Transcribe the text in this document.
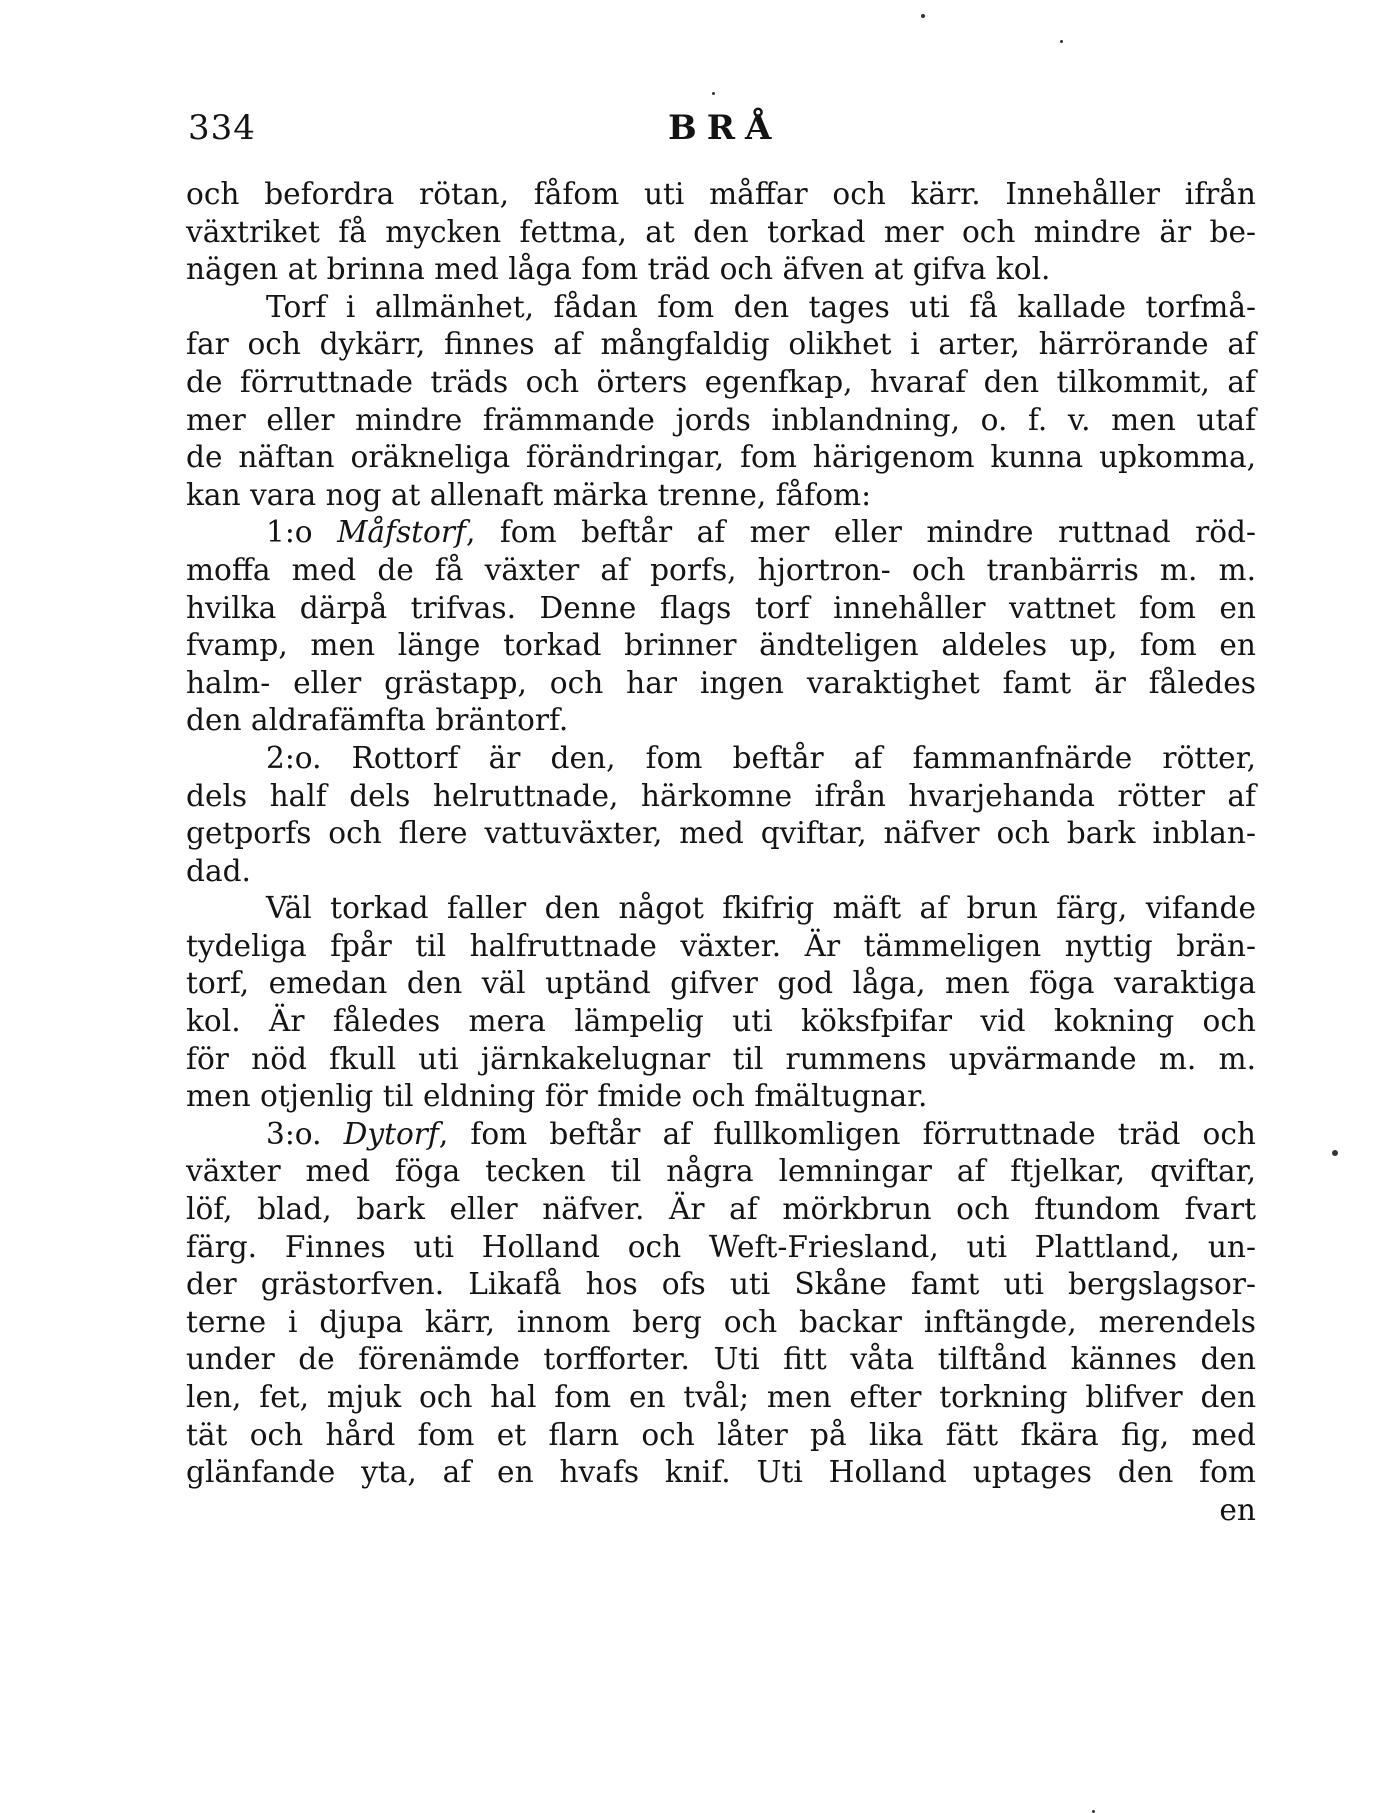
334	BRÅ
och befordra rötan, fåfom uti måffar och kärr. Innehåller ifrån
växtriket få mycken fettma, at den torkad mer och mindre är be-
nägen at brinna med låga fom träd och äfven at gifva kol.
Torf i allmänhet, fådan fom den tages uti få kallade torfmå-
far och dykärr, finnes af mångfaldig olikhet i arter, härrörande af
de förruttnade träds och örters egenfkap, hvaraf den tilkommit, af
mer eller mindre främmande jords inblandning, o. f. v. men utaf
de näftan oräkneliga förändringar, fom härigenom kunna upkomma,
kan vara nog at allenaft märka trenne, fåfom:
1:o Måfstorf, fom beftår af mer eller mindre ruttnad röd-
moffa med de få växter af porfs, hjortron- och tranbärris m. m.
hvilka därpå trifvas. Denne flags torf innehåller vattnet fom en
fvamp, men länge torkad brinner ändteligen aldeles up, fom en
halm- eller grästapp, och har ingen varaktighet famt är fåledes
den aldrafämfta bräntorf.
2:o. Rottorf är den, fom beftår af fammanfnärde rötter,
dels half dels helruttnade, härkomne ifrån hvarjehanda rötter af
getporfs och flere vattuväxter, med qviftar, näfver och bark inblan-
dad.
Väl torkad faller den något fkifrig mäft af brun färg, vifande
tydeliga fpår til halfruttnade växter. Är tämmeligen nyttig brän-
torf, emedan den väl uptänd gifver god låga, men föga varaktiga
kol. Är fåledes mera lämpelig uti köksfpifar vid kokning och
för nöd fkull uti järnkakelugnar til rummens upvärmande m. m.
men otjenlig til eldning för fmide och fmältugnar.
3:o. Dytorf, fom beftår af fullkomligen förruttnade träd och
växter med föga tecken til några lemningar af ftjelkar, qviftar,
löf, blad, bark eller näfver. Är af mörkbrun och ftundom fvart
färg. Finnes uti Holland och Weft-Friesland, uti Plattland, un-
der grästorfven. Likafå hos ofs uti Skåne famt uti bergslagsor-
terne i djupa kärr, innom berg och backar inftängde, merendels
under de förenämde torfforter. Uti fitt våta tilftånd kännes den
len, fet, mjuk och hal fom en tvål; men efter torkning blifver den
tät och hård fom et flarn och låter på lika fätt fkära fig, med
glänfande yta, af en hvafs knif. Uti Holland uptages den fom
en
